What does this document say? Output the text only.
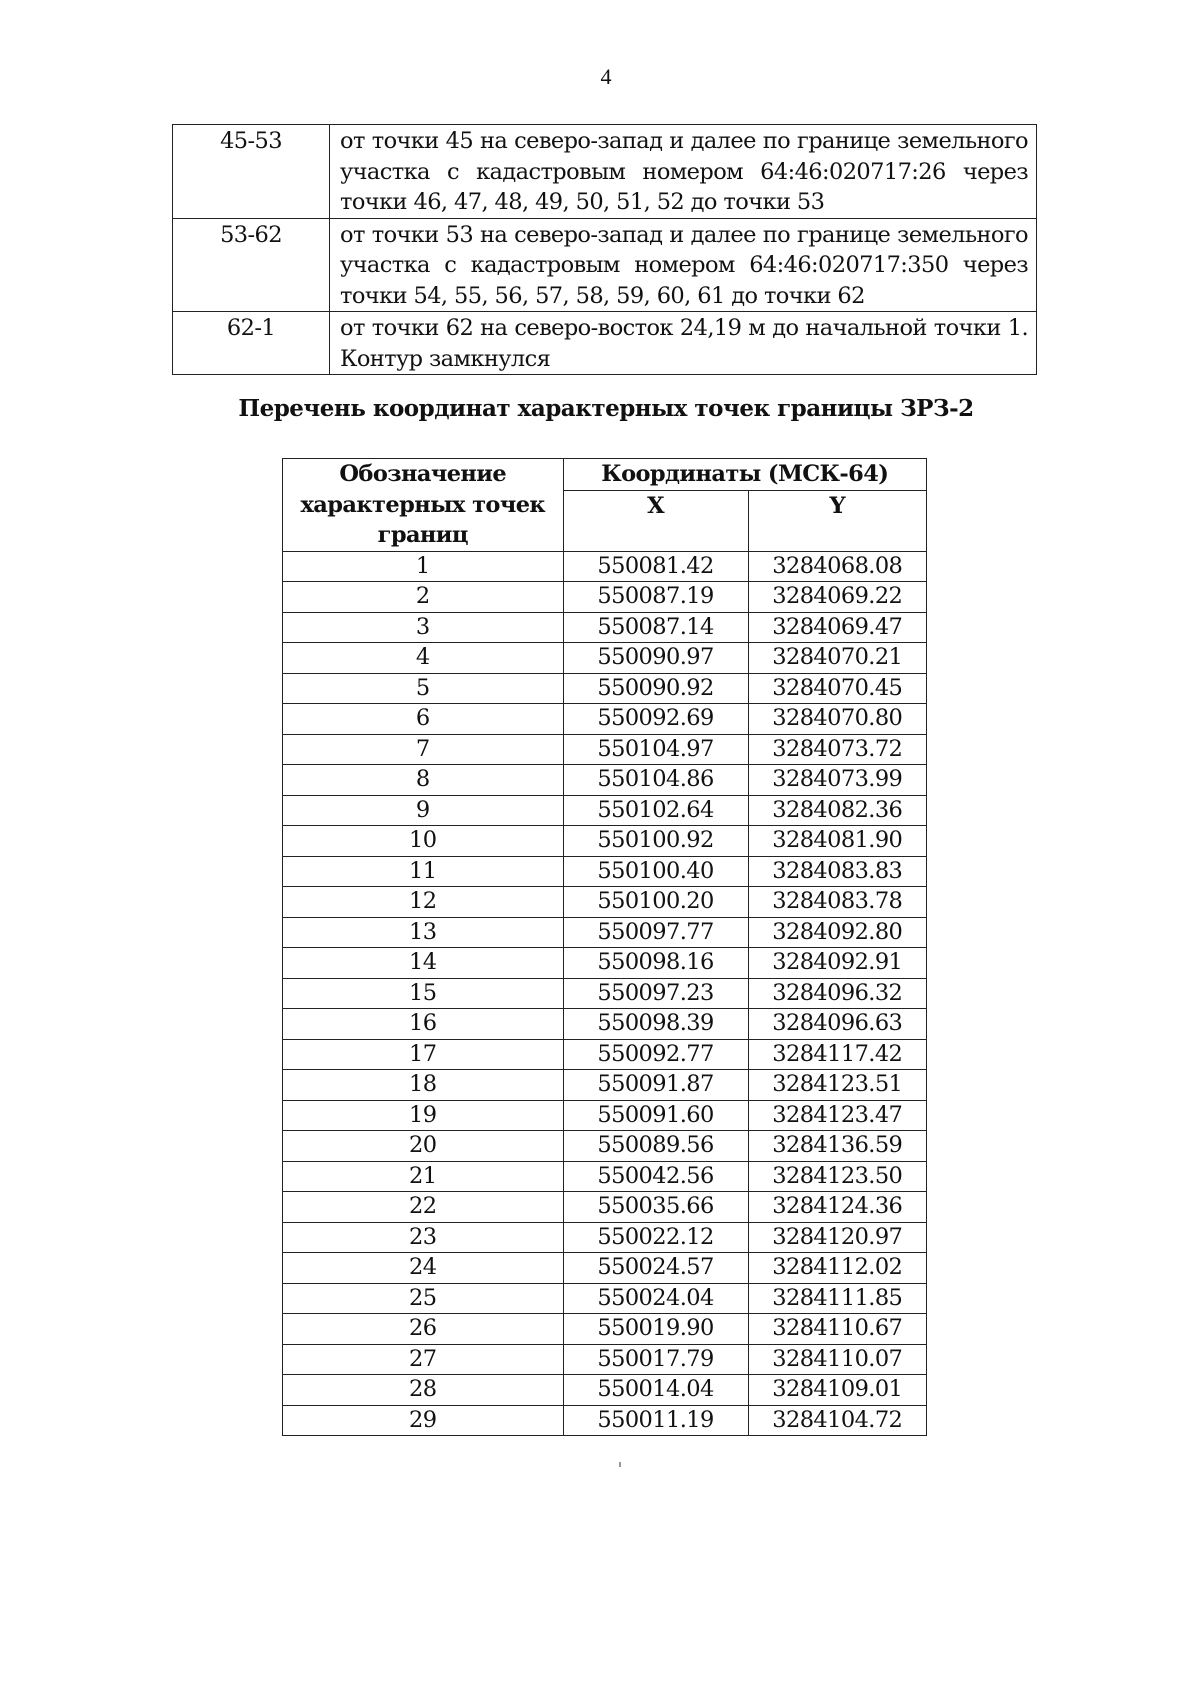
4
45-53	от точки 45 на северо-запад и далее по границе земельного участка с кадастровым номером 64:46:020717:26 через точки 46, 47, 48, 49, 50, 51, 52 до точки 53
53-62	от точки 53 на северо-запад и далее по границе земельного участка с кадастровым номером 64:46:020717:350 через точки 54, 55, 56, 57, 58, 59, 60, 61 до точки 62
62-1	от точки 62 на северо-восток 24,19 м до начальной точки 1. Контур замкнулся
Перечень координат характерных точек границы ЗРЗ-2
Обозначение характерных точек границ	Координаты (МСК-64)	
	X	Y
1	550081.42	3284068.08
2	550087.19	3284069.22
3	550087.14	3284069.47
4	550090.97	3284070.21
5	550090.92	3284070.45
6	550092.69	3284070.80
7	550104.97	3284073.72
8	550104.86	3284073.99
9	550102.64	3284082.36
10	550100.92	3284081.90
11	550100.40	3284083.83
12	550100.20	3284083.78
13	550097.77	3284092.80
14	550098.16	3284092.91
15	550097.23	3284096.32
16	550098.39	3284096.63
17	550092.77	3284117.42
18	550091.87	3284123.51
19	550091.60	3284123.47
20	550089.56	3284136.59
21	550042.56	3284123.50
22	550035.66	3284124.36
23	550022.12	3284120.97
24	550024.57	3284112.02
25	550024.04	3284111.85
26	550019.90	3284110.67
27	550017.79	3284110.07
28	550014.04	3284109.01
29	550011.19	3284104.72
